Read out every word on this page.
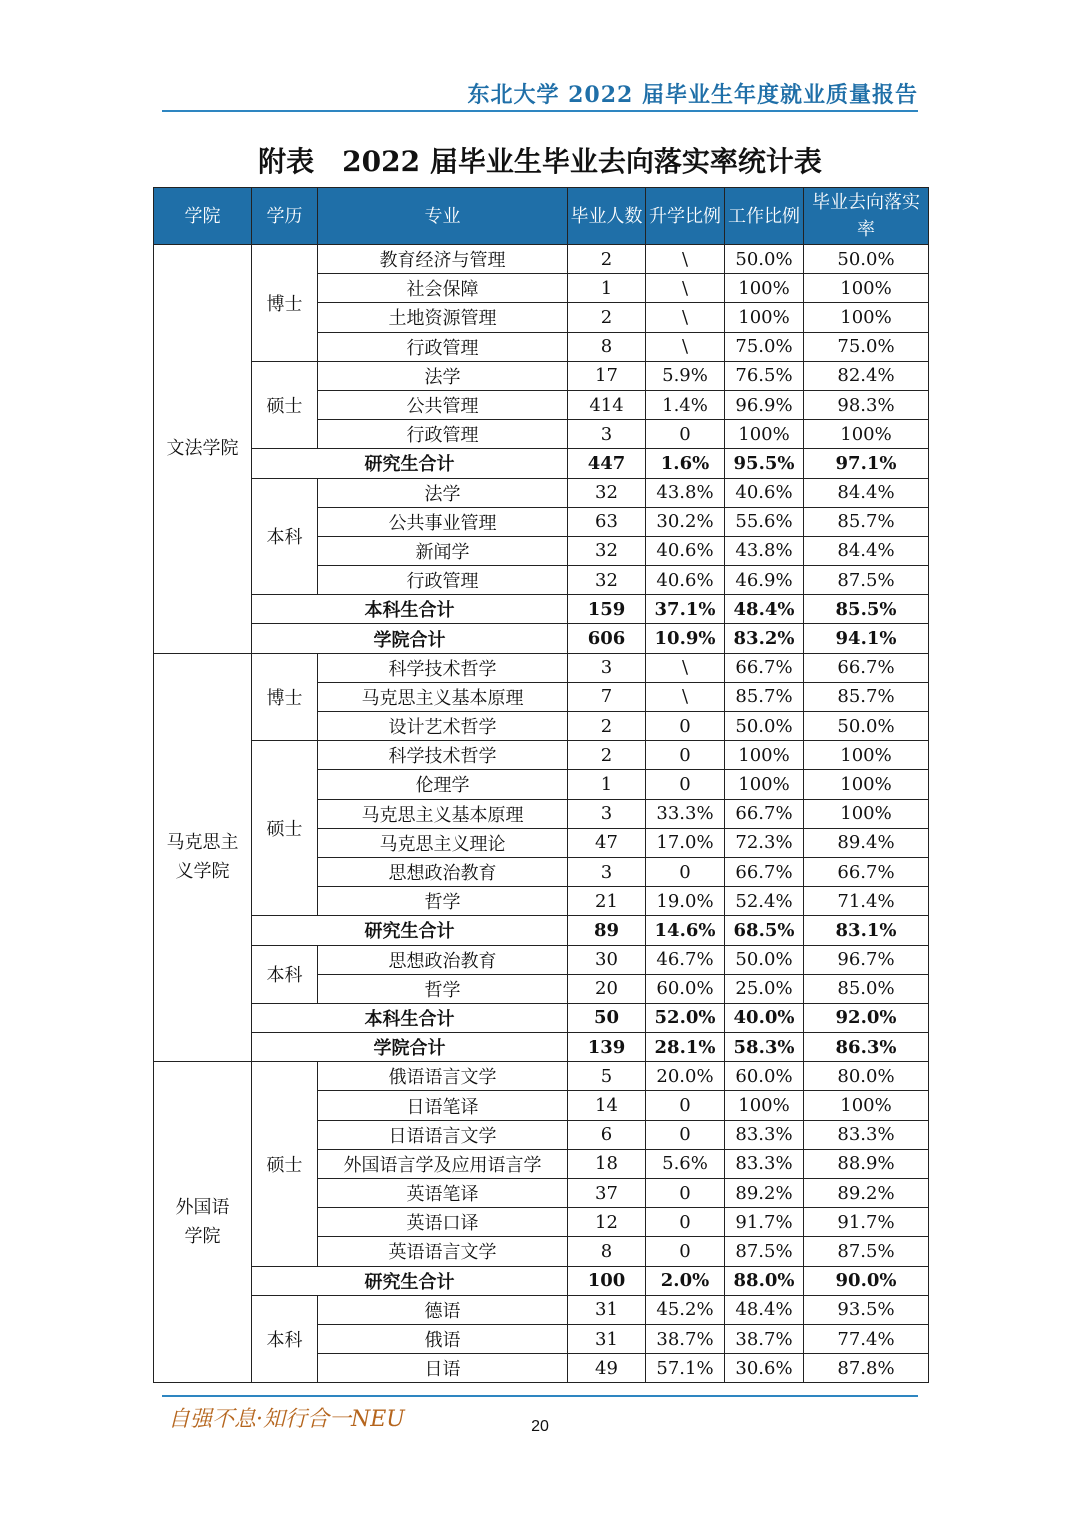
东北大学 2022 届毕业生年度就业质量报告
附表　2022 届毕业生毕业去向落实率统计表
学院	学历	专业	毕业人数	升学比例	工作比例	毕业去向落实率
文法学院	博士	教育经济与管理	2	\	50.0%	50.0%
		社会保障	1	\	100%	100%
		土地资源管理	2	\	100%	100%
		行政管理	8	\	75.0%	75.0%
	硕士	法学	17	5.9%	76.5%	82.4%
		公共管理	414	1.4%	96.9%	98.3%
		行政管理	3	0	100%	100%
	研究生合计		447	1.6%	95.5%	97.1%
	本科	法学	32	43.8%	40.6%	84.4%
		公共事业管理	63	30.2%	55.6%	85.7%
		新闻学	32	40.6%	43.8%	84.4%
		行政管理	32	40.6%	46.9%	87.5%
	本科生合计		159	37.1%	48.4%	85.5%
	学院合计		606	10.9%	83.2%	94.1%
马克思主义学院	博士	科学技术哲学	3	\	66.7%	66.7%
		马克思主义基本原理	7	\	85.7%	85.7%
		设计艺术哲学	2	0	50.0%	50.0%
	硕士	科学技术哲学	2	0	100%	100%
		伦理学	1	0	100%	100%
		马克思主义基本原理	3	33.3%	66.7%	100%
		马克思主义理论	47	17.0%	72.3%	89.4%
		思想政治教育	3	0	66.7%	66.7%
		哲学	21	19.0%	52.4%	71.4%
	研究生合计		89	14.6%	68.5%	83.1%
	本科	思想政治教育	30	46.7%	50.0%	96.7%
		哲学	20	60.0%	25.0%	85.0%
	本科生合计		50	52.0%	40.0%	92.0%
	学院合计		139	28.1%	58.3%	86.3%
外国语学院	硕士	俄语语言文学	5	20.0%	60.0%	80.0%
		日语笔译	14	0	100%	100%
		日语语言文学	6	0	83.3%	83.3%
		外国语言学及应用语言学	18	5.6%	83.3%	88.9%
		英语笔译	37	0	89.2%	89.2%
		英语口译	12	0	91.7%	91.7%
		英语语言文学	8	0	87.5%	87.5%
	研究生合计		100	2.0%	88.0%	90.0%
	本科	德语	31	45.2%	48.4%	93.5%
		俄语	31	38.7%	38.7%	77.4%
		日语	49	57.1%	30.6%	87.8%
自强不息·知行合一NEU	20
